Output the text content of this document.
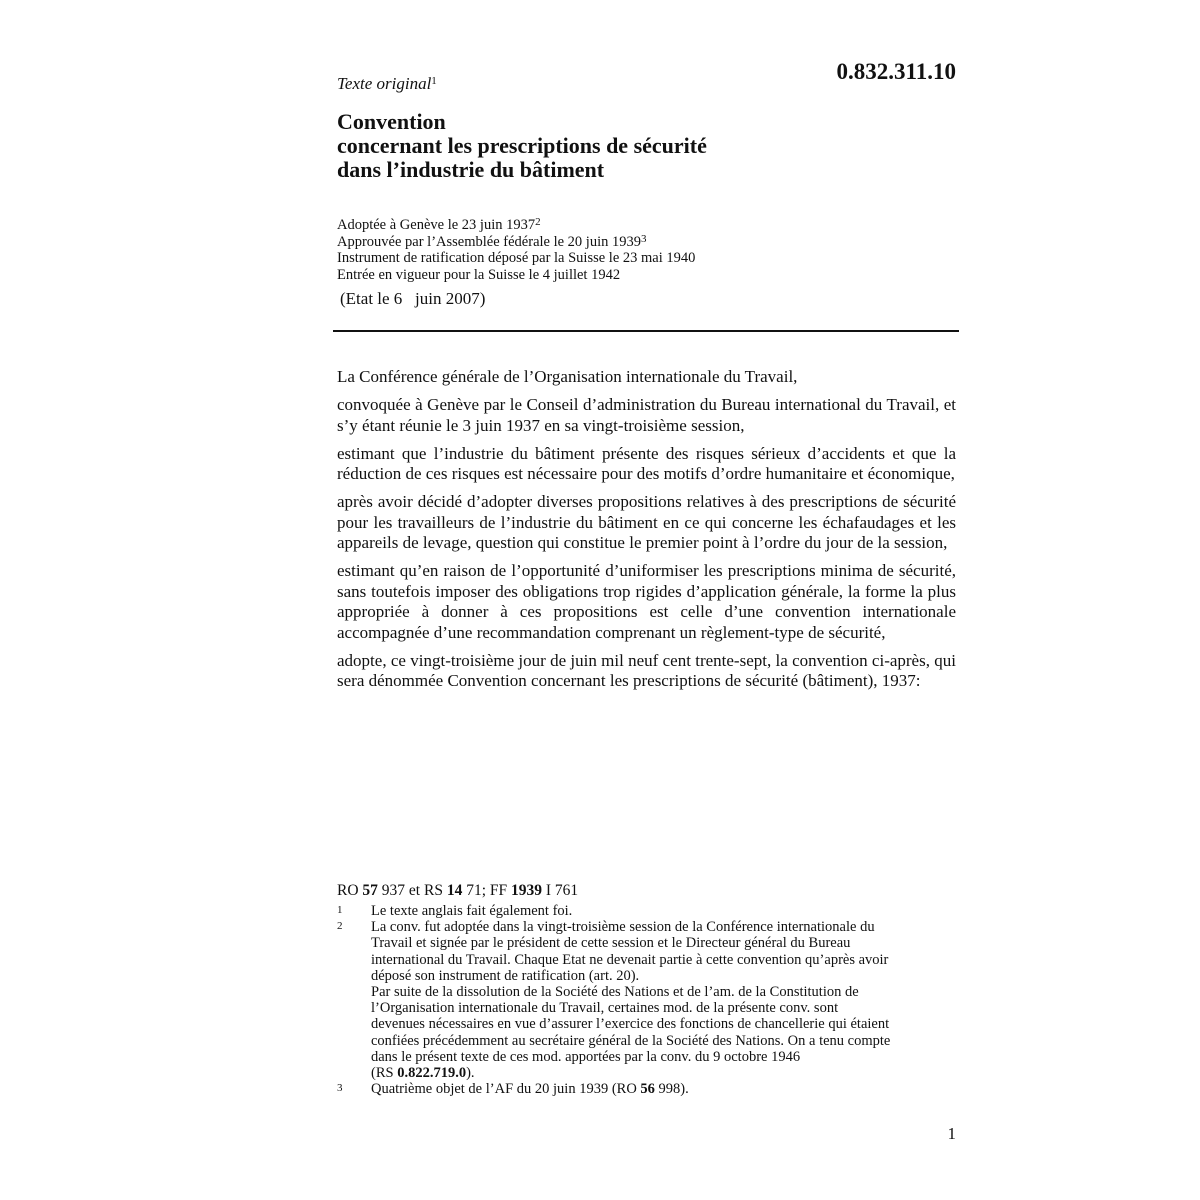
0.832.311.10
Texte original$^1$
Convention
concernant les prescriptions de sécurité
dans l’industrie du bâtiment
Adoptée à Genève le 23 juin 1937$^2$
Approuvée par l’Assemblée fédérale le 20 juin 1939$^3$
Instrument de ratification déposé par la Suisse le 23 mai 1940
Entrée en vigueur pour la Suisse le 4 juillet 1942
(Etat le 6   juin 2007)

La Conférence générale de l’Organisation internationale du Travail,

convoquée à Genève par le Conseil d’administration du Bureau international du Travail, et s’y étant réunie le 3 juin 1937 en sa vingt-troisième session,

estimant que l’industrie du bâtiment présente des risques sérieux d’accidents et que la réduction de ces risques est nécessaire pour des motifs d’ordre humanitaire et économique,

après avoir décidé d’adopter diverses propositions relatives à des prescriptions de sécurité pour les travailleurs de l’industrie du bâtiment en ce qui concerne les échafaudages et les appareils de levage, question qui constitue le premier point à l’ordre du jour de la session,

estimant qu’en raison de l’opportunité d’uniformiser les prescriptions minima de sécurité, sans toutefois imposer des obligations trop rigides d’application générale, la forme la plus appropriée à donner à ces propositions est celle d’une convention internationale accompagnée d’une recommandation comprenant un règlement-type de sécurité,

adopte, ce vingt-troisième jour de juin mil neuf cent trente-sept, la convention ci-après, qui sera dénommée Convention concernant les prescriptions de sécurité (bâtiment), 1937:

RO 57 937 et RS 14 71; FF 1939 I 761
1	Le texte anglais fait également foi.
2	La conv. fut adoptée dans la vingt-troisième session de la Conférence internationale du
Travail et signée par le président de cette session et le Directeur général du Bureau
international du Travail. Chaque Etat ne devenait partie à cette convention qu’après avoir
déposé son instrument de ratification (art. 20).
Par suite de la dissolution de la Société des Nations et de l’am. de la Constitution de
l’Organisation internationale du Travail, certaines mod. de la présente conv. sont
devenues nécessaires en vue d’assurer l’exercice des fonctions de chancellerie qui étaient
confiées précédemment au secrétaire général de la Société des Nations. On a tenu compte
dans le présent texte de ces mod. apportées par la conv. du 9 octobre 1946
(RS 0.822.719.0).
3	Quatrième objet de l’AF du 20 juin 1939 (RO 56 998).
1
